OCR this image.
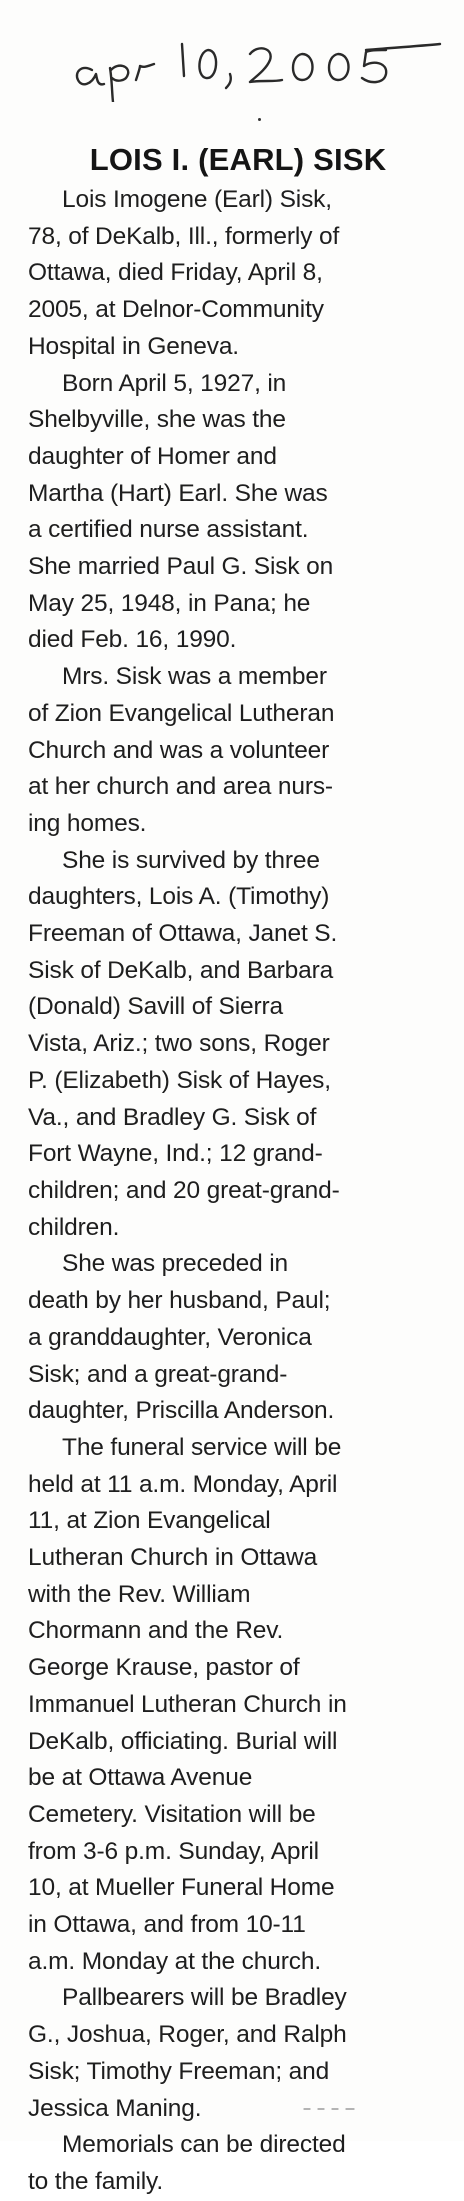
LOIS I. (EARL) SISK

Lois Imogene (Earl) Sisk,
78, of DeKalb, Ill., formerly of
Ottawa, died Friday, April 8,
2005, at Delnor-Community
Hospital in Geneva.

Born April 5, 1927, in
Shelbyville, she was the
daughter of Homer and
Martha (Hart) Earl. She was
a certified nurse assistant.
She married Paul G. Sisk on
May 25, 1948, in Pana; he
died Feb. 16, 1990.

Mrs. Sisk was a member
of Zion Evangelical Lutheran
Church and was a volunteer
at her church and area nurs-
ing homes.

She is survived by three
daughters, Lois A. (Timothy)
Freeman of Ottawa, Janet S.
Sisk of DeKalb, and Barbara
(Donald) Savill of Sierra
Vista, Ariz.; two sons, Roger
P. (Elizabeth) Sisk of Hayes,
Va., and Bradley G. Sisk of
Fort Wayne, Ind.; 12 grand-
children; and 20 great-grand-
children.

She was preceded in
death by her husband, Paul;
a granddaughter, Veronica
Sisk; and a great-grand-
daughter, Priscilla Anderson.

The funeral service will be
held at 11 a.m. Monday, April
11, at Zion Evangelical
Lutheran Church in Ottawa
with the Rev. William
Chormann and the Rev.
George Krause, pastor of
Immanuel Lutheran Church in
DeKalb, officiating. Burial will
be at Ottawa Avenue
Cemetery. Visitation will be
from 3-6 p.m. Sunday, April
10, at Mueller Funeral Home
in Ottawa, and from 10-11
a.m. Monday at the church.

Pallbearers will be Bradley
G., Joshua, Roger, and Ralph
Sisk; Timothy Freeman; and
Jessica Maning.

Memorials can be directed
to the family.
